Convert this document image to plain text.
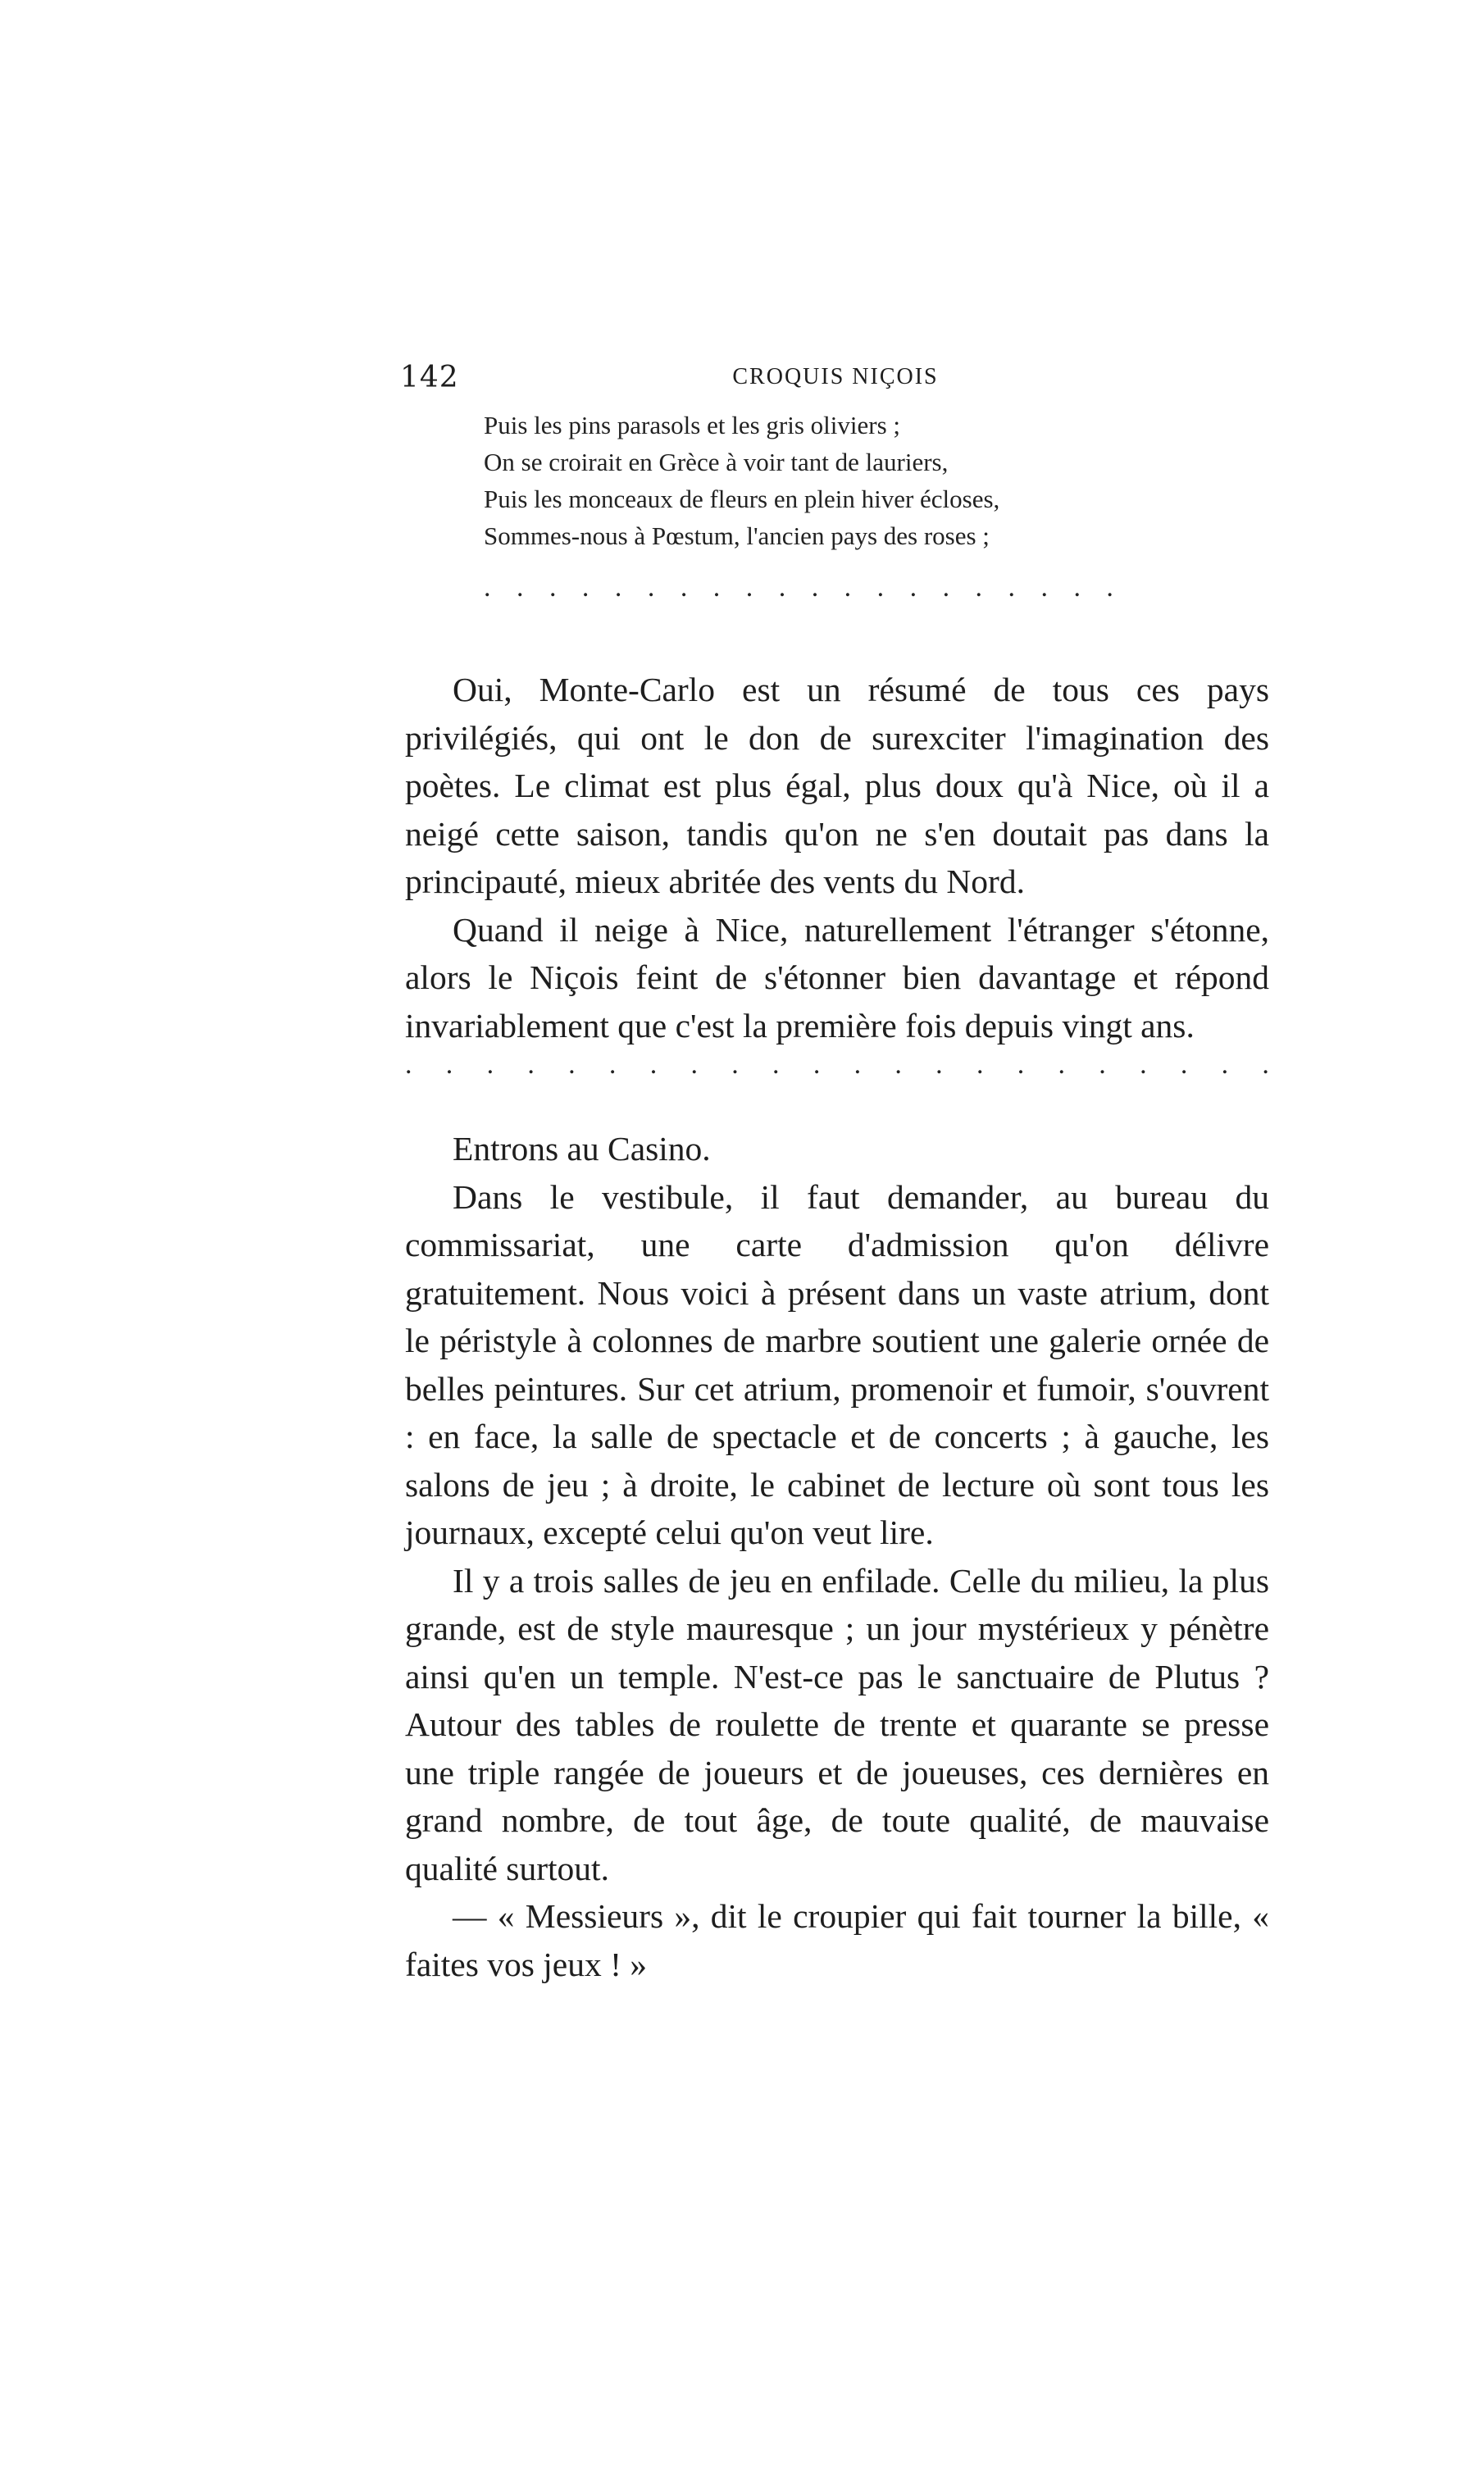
142	CROQUIS NIÇOIS
Puis les pins parasols et les gris oliviers ;
On se croirait en Grèce à voir tant de lauriers,
Puis les monceaux de fleurs en plein hiver écloses,
Sommes-nous à Pœstum, l'ancien pays des roses ;
. . . . . . . . . . . . . . . . . . . .

Oui, Monte-Carlo est un résumé de tous ces pays privilégiés, qui ont le don de surexciter l'imagination des poètes. Le climat est plus égal, plus doux qu'à Nice, où il a neigé cette saison, tandis qu'on ne s'en doutait pas dans la principauté, mieux abritée des vents du Nord.

Quand il neige à Nice, naturellement l'étranger s'étonne, alors le Niçois feint de s'étonner bien davantage et répond invariablement que c'est la première fois depuis vingt ans.

. . . . . . . . . . . . . . . . . . . . . .

Entrons au Casino.

Dans le vestibule, il faut demander, au bureau du commissariat, une carte d'admission qu'on délivre gratuitement. Nous voici à présent dans un vaste atrium, dont le péristyle à colonnes de marbre soutient une galerie ornée de belles peintures. Sur cet atrium, promenoir et fumoir, s'ouvrent : en face, la salle de spectacle et de concerts ; à gauche, les salons de jeu ; à droite, le cabinet de lecture où sont tous les journaux, excepté celui qu'on veut lire.

Il y a trois salles de jeu en enfilade. Celle du milieu, la plus grande, est de style mauresque ; un jour mystérieux y pénètre ainsi qu'en un temple. N'est-ce pas le sanctuaire de Plutus ? Autour des tables de roulette de trente et quarante se presse une triple rangée de joueurs et de joueuses, ces dernières en grand nombre, de tout âge, de toute qualité, de mauvaise qualité surtout.

— « Messieurs », dit le croupier qui fait tourner la bille, « faites vos jeux ! »
